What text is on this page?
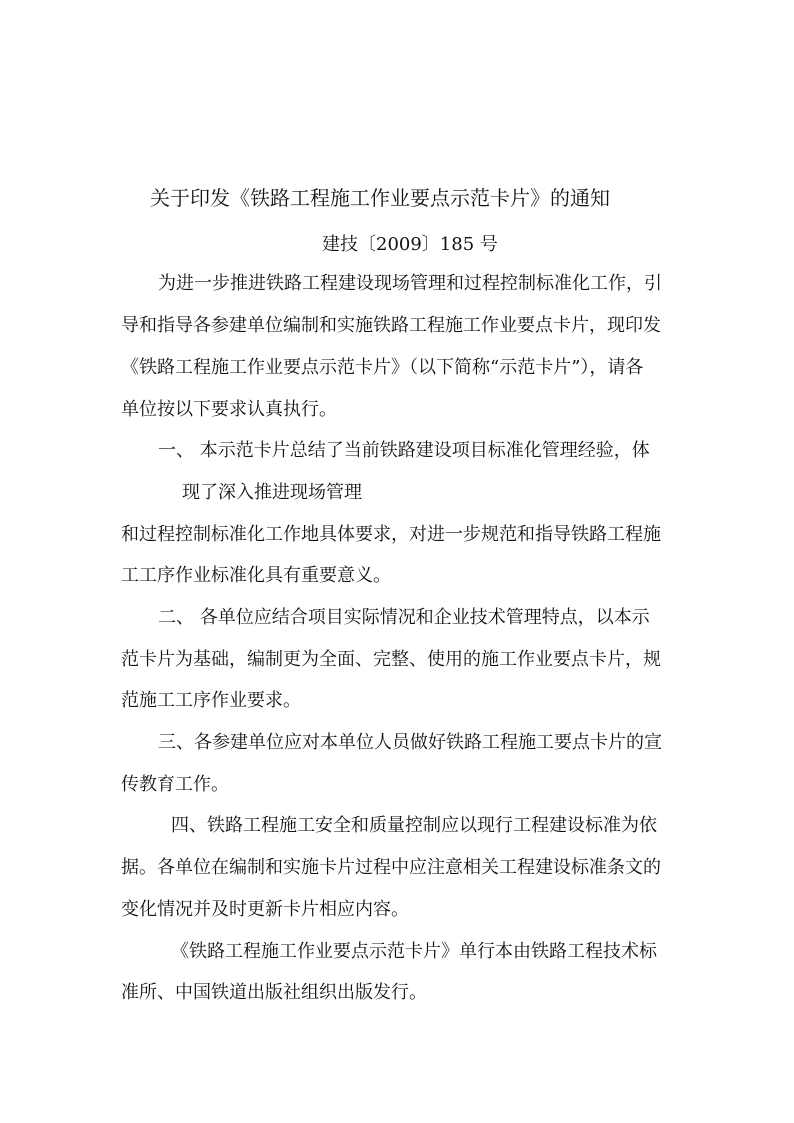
关于印发《铁路工程施工作业要点示范卡片》的通知
建技〔2009〕185 号
为进一步推进铁路工程建设现场管理和过程控制标准化工作，引
导和指导各参建单位编制和实施铁路工程施工作业要点卡片，现印发
《铁路工程施工作业要点示范卡片》（以下简称“示范卡片”），请各
单位按以下要求认真执行。
一、 本示范卡片总结了当前铁路建设项目标准化管理经验，体
现了深入推进现场管理
和过程控制标准化工作地具体要求，对进一步规范和指导铁路工程施
工工序作业标准化具有重要意义。
二、 各单位应结合项目实际情况和企业技术管理特点，以本示
范卡片为基础，编制更为全面、完整、使用的施工作业要点卡片，规
范施工工序作业要求。
三、各参建单位应对本单位人员做好铁路工程施工要点卡片的宣
传教育工作。
四、铁路工程施工安全和质量控制应以现行工程建设标准为依
据。各单位在编制和实施卡片过程中应注意相关工程建设标准条文的
变化情况并及时更新卡片相应内容。
《铁路工程施工作业要点示范卡片》单行本由铁路工程技术标
准所、中国铁道出版社组织出版发行。
